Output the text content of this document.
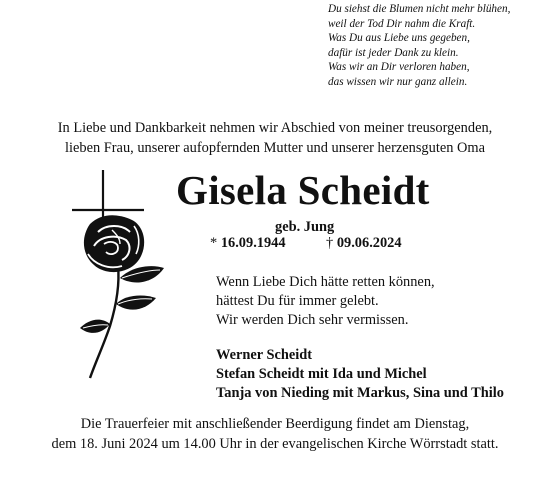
Du siehst die Blumen nicht mehr blühen,
weil der Tod Dir nahm die Kraft.
Was Du aus Liebe uns gegeben,
dafür ist jeder Dank zu klein.
Was wir an Dir verloren haben,
das wissen wir nur ganz allein.
In Liebe und Dankbarkeit nehmen wir Abschied von meiner treusorgenden,
lieben Frau, unserer aufopfernden Mutter und unserer herzensguten Oma
Gisela Scheidt
geb. Jung
* 16.09.1944	† 09.06.2024
Wenn Liebe Dich hätte retten können,
hättest Du für immer gelebt.
Wir werden Dich sehr vermissen.
Werner Scheidt
Stefan Scheidt mit Ida und Michel
Tanja von Nieding mit Markus, Sina und Thilo
Die Trauerfeier mit anschließender Beerdigung findet am Dienstag,
dem 18. Juni 2024 um 14.00 Uhr in der evangelischen Kirche Wörrstadt statt.
